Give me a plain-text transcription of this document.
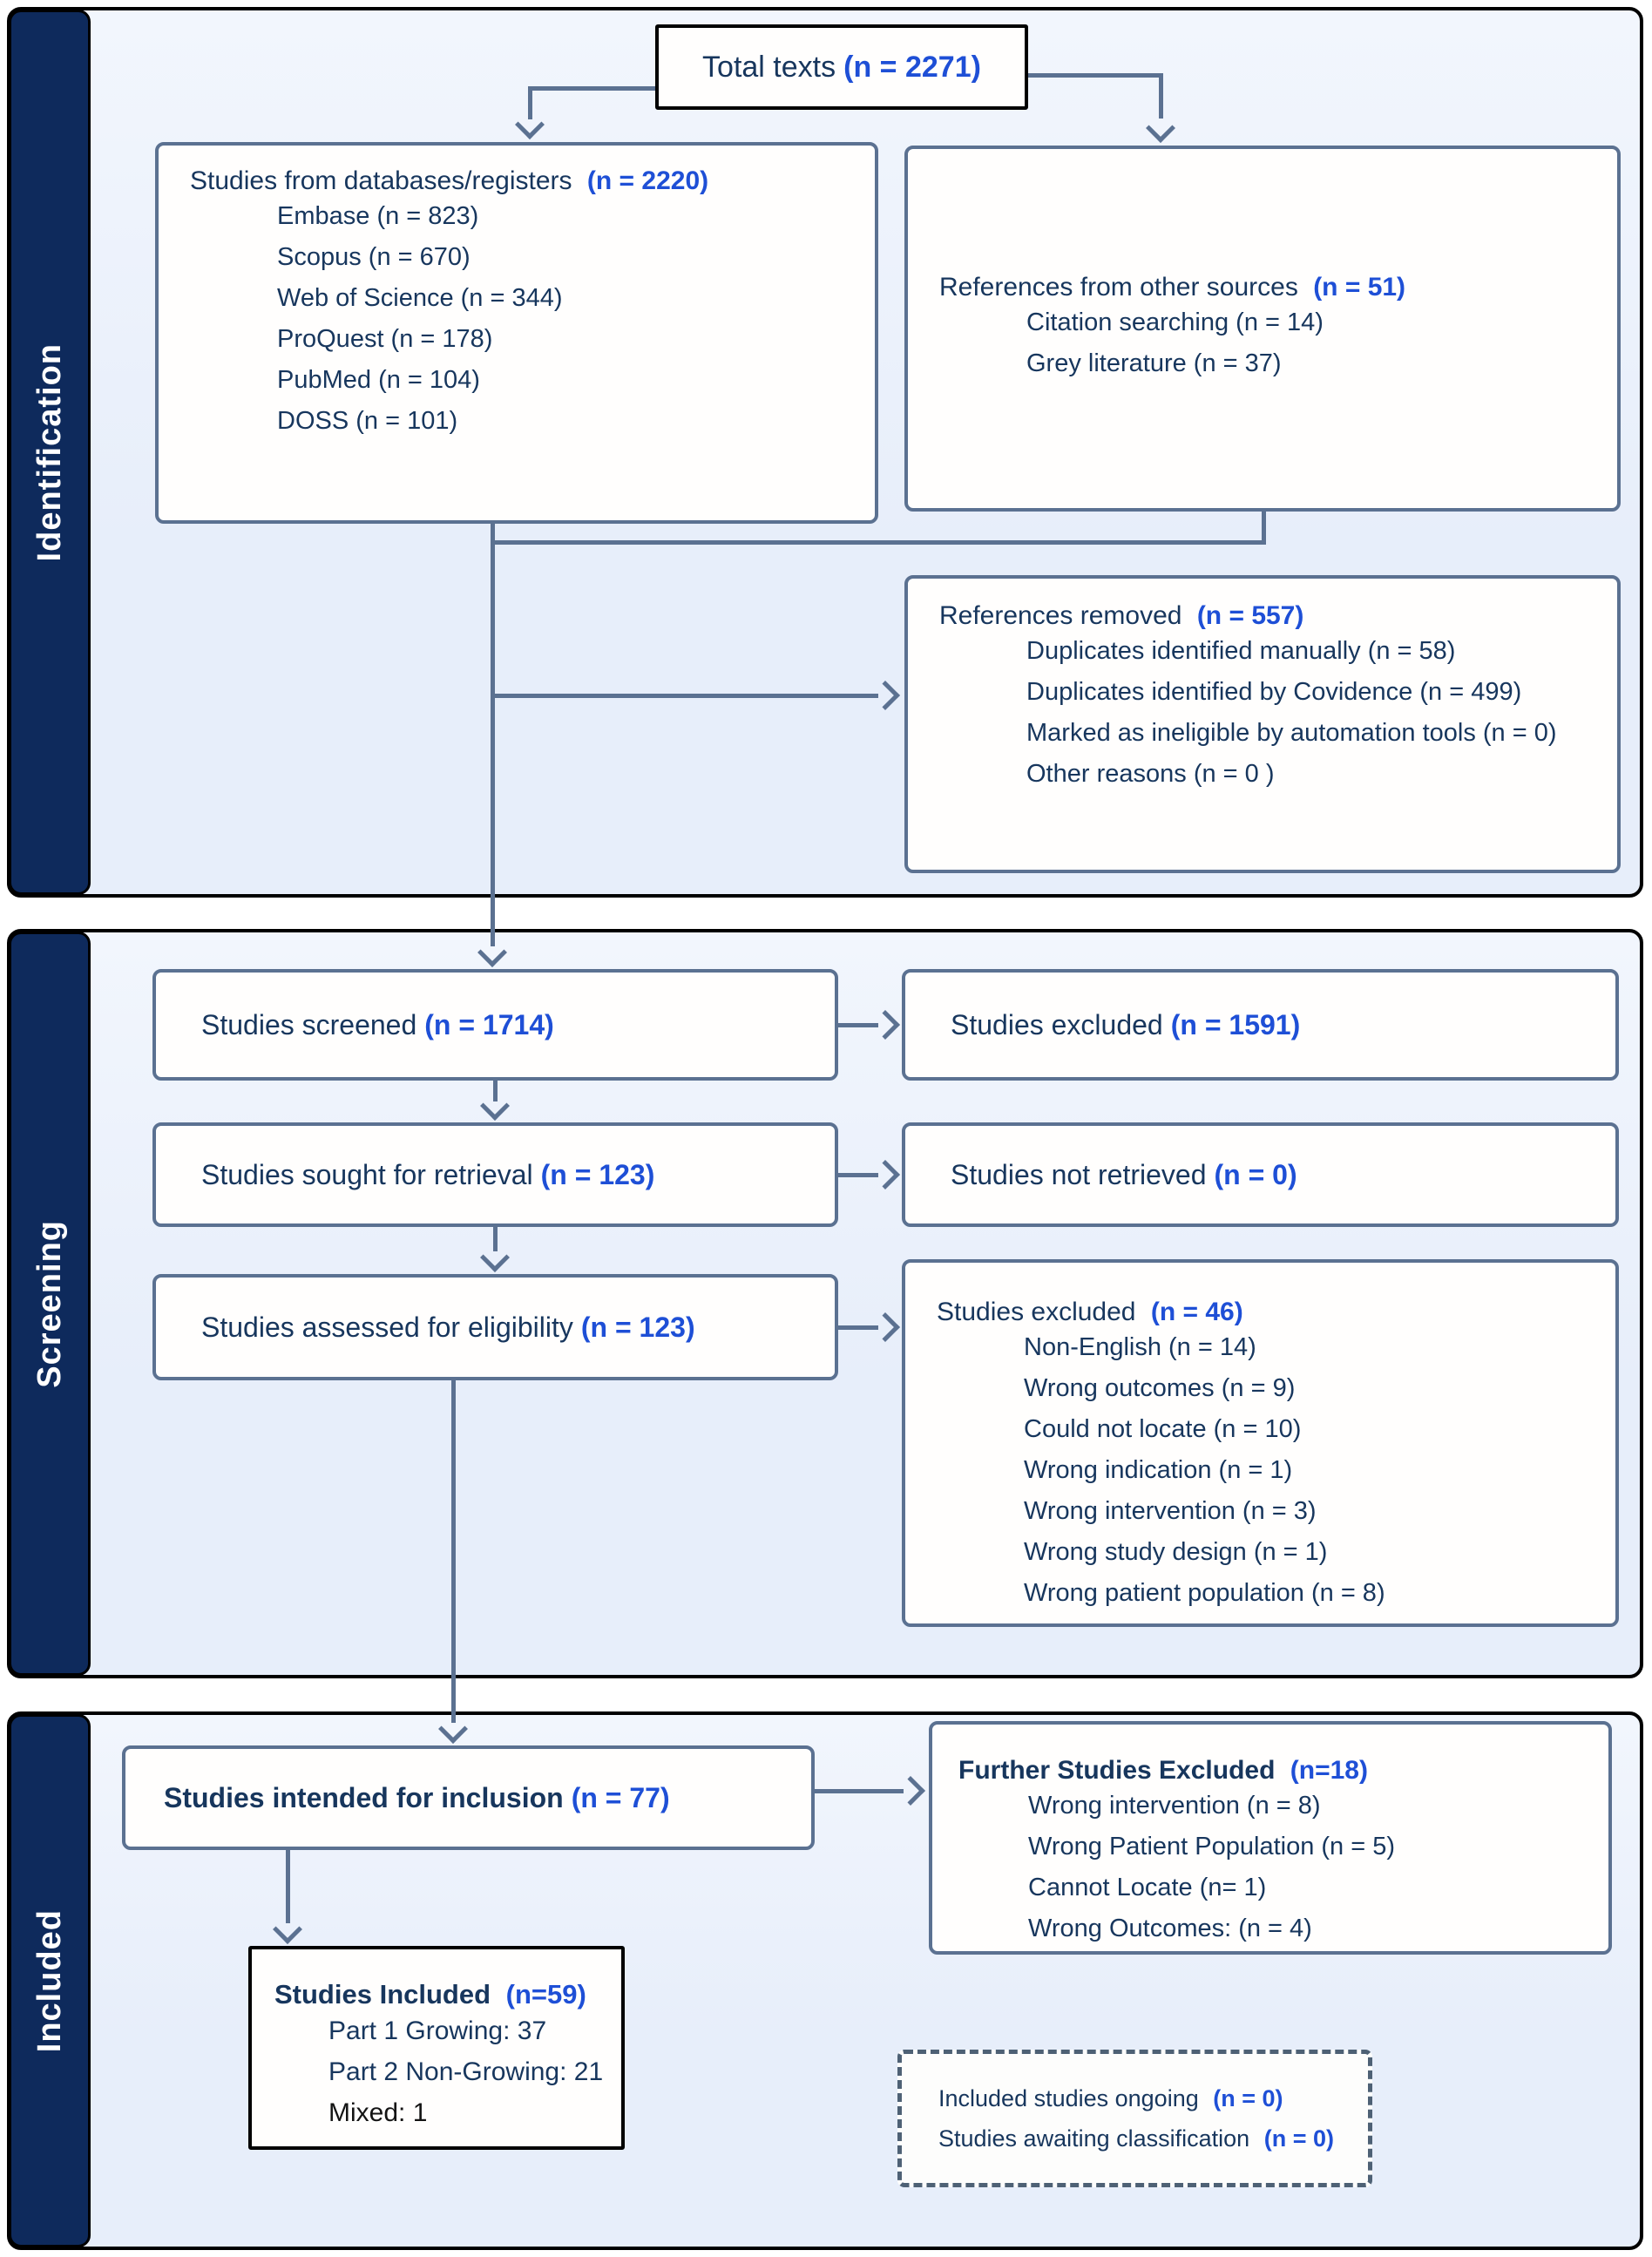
Identification
Screening
Included
Total texts (n = 2271)
Studies from databases/registers (n = 2220)
Embase (n = 823)
Scopus (n = 670)
Web of Science (n = 344)
ProQuest (n = 178)
PubMed (n = 104)
DOSS (n = 101)
References from other sources (n = 51)
Citation searching (n = 14)
Grey literature (n = 37)
References removed (n = 557)
Duplicates identified manually (n = 58)
Duplicates identified by Covidence (n = 499)
Marked as ineligible by automation tools (n = 0)
Other reasons (n = 0 )
Studies screened (n = 1714)	Studies excluded (n = 1591)
Studies sought for retrieval (n = 123)	Studies not retrieved (n = 0)
Studies assessed for eligibility (n = 123)	Studies excluded (n = 46)
Non-English (n = 14)
Wrong outcomes (n = 9)
Could not locate (n = 10)
Wrong indication (n = 1)
Wrong intervention (n = 3)
Wrong study design (n = 1)
Wrong patient population (n = 8)
Studies intended for inclusion (n = 77)
Further Studies Excluded (n=18)
Wrong intervention (n = 8)
Wrong Patient Population (n = 5)
Cannot Locate (n= 1)
Wrong Outcomes: (n = 4)
Studies Included (n=59)
Part 1 Growing: 37
Part 2 Non-Growing: 21
Mixed: 1	Included studies ongoing (n = 0)
Studies awaiting classification (n = 0)
